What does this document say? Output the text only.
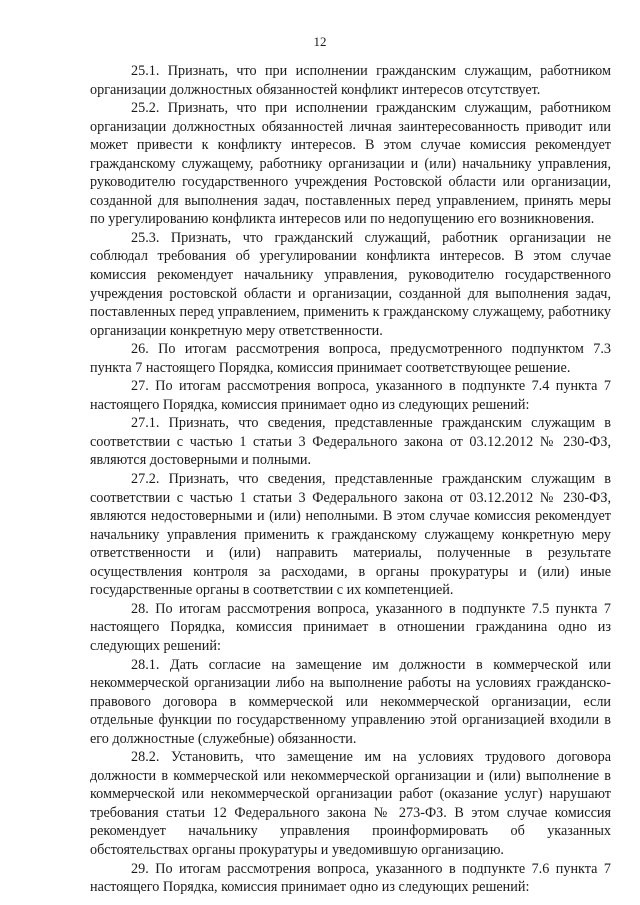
12

25.1. Признать, что при исполнении гражданским служащим, работником организации должностных обязанностей конфликт интересов отсутствует.

25.2. Признать, что при исполнении гражданским служащим, работником организации должностных обязанностей личная заинтересованность приводит или может привести к конфликту интересов. В этом случае комиссия рекомендует гражданскому служащему, работнику организации и (или) начальнику управления, руководителю государственного учреждения Ростовской области или организации, созданной для выполнения задач, поставленных перед управлением, принять меры по урегулированию конфликта интересов или по недопущению его возникновения.

25.3. Признать, что гражданский служащий, работник организации не соблюдал требования об урегулировании конфликта интересов. В этом случае комиссия рекомендует начальнику управления, руководителю государственного учреждения ростовской области и организации, созданной для выполнения задач, поставленных перед управлением, применить к гражданскому служащему, работнику организации конкретную меру ответственности.

26. По итогам рассмотрения вопроса, предусмотренного подпунктом 7.3 пункта 7 настоящего Порядка, комиссия принимает соответствующее решение.

27. По итогам рассмотрения вопроса, указанного в подпункте 7.4 пункта 7 настоящего Порядка, комиссия принимает одно из следующих решений:

27.1. Признать, что сведения, представленные гражданским служащим в соответствии с частью 1 статьи 3 Федерального закона от 03.12.2012 № 230-ФЗ, являются достоверными и полными.

27.2. Признать, что сведения, представленные гражданским служащим в соответствии с частью 1 статьи 3 Федерального закона от 03.12.2012 № 230-ФЗ, являются недостоверными и (или) неполными. В этом случае комиссия рекомендует начальнику управления применить к гражданскому служащему конкретную меру ответственности и (или) направить материалы, полученные в результате осуществления контроля за расходами, в органы прокуратуры и (или) иные государственные органы в соответствии с их компетенцией.

28. По итогам рассмотрения вопроса, указанного в подпункте 7.5 пункта 7 настоящего Порядка, комиссия принимает в отношении гражданина одно из следующих решений:

28.1. Дать согласие на замещение им должности в коммерческой или некоммерческой организации либо на выполнение работы на условиях гражданско-правового договора в коммерческой или некоммерческой организации, если отдельные функции по государственному управлению этой организацией входили в его должностные (служебные) обязанности.

28.2. Установить, что замещение им на условиях трудового договора должности в коммерческой или некоммерческой организации и (или) выполнение в коммерческой или некоммерческой организации работ (оказание услуг) нарушают требования статьи 12 Федерального закона № 273-ФЗ. В этом случае комиссия рекомендует начальнику управления проинформировать об указанных обстоятельствах органы прокуратуры и уведомившую организацию.

29. По итогам рассмотрения вопроса, указанного в подпункте 7.6 пункта 7 настоящего Порядка, комиссия принимает одно из следующих решений:
